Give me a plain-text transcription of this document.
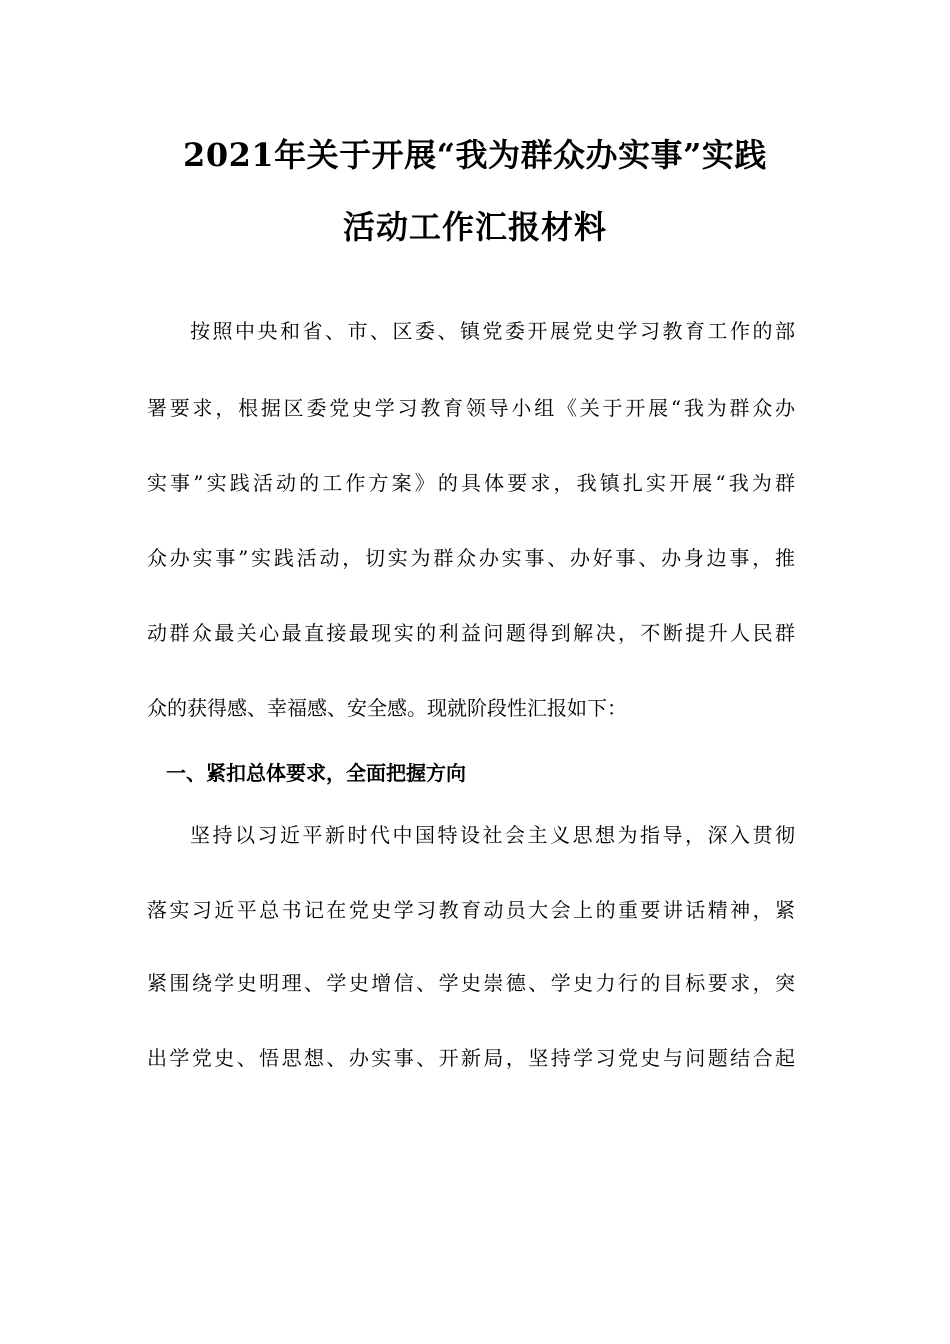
2021年关于开展“我为群众办实事”实践
活动工作汇报材料
按照中央和省、市、区委、镇党委开展党史学习教育工作的部
署要求，根据区委党史学习教育领导小组《关于开展“我为群众办
实事”实践活动的工作方案》的具体要求，我镇扎实开展“我为群
众办实事”实践活动，切实为群众办实事、办好事、办身边事，推
动群众最关心最直接最现实的利益问题得到解决，不断提升人民群
众的获得感、幸福感、安全感。现就阶段性汇报如下：
一、紧扣总体要求，全面把握方向
坚持以习近平新时代中国特设社会主义思想为指导，深入贯彻
落实习近平总书记在党史学习教育动员大会上的重要讲话精神，紧
紧围绕学史明理、学史增信、学史崇德、学史力行的目标要求，突
出学党史、悟思想、办实事、开新局，坚持学习党史与问题结合起
